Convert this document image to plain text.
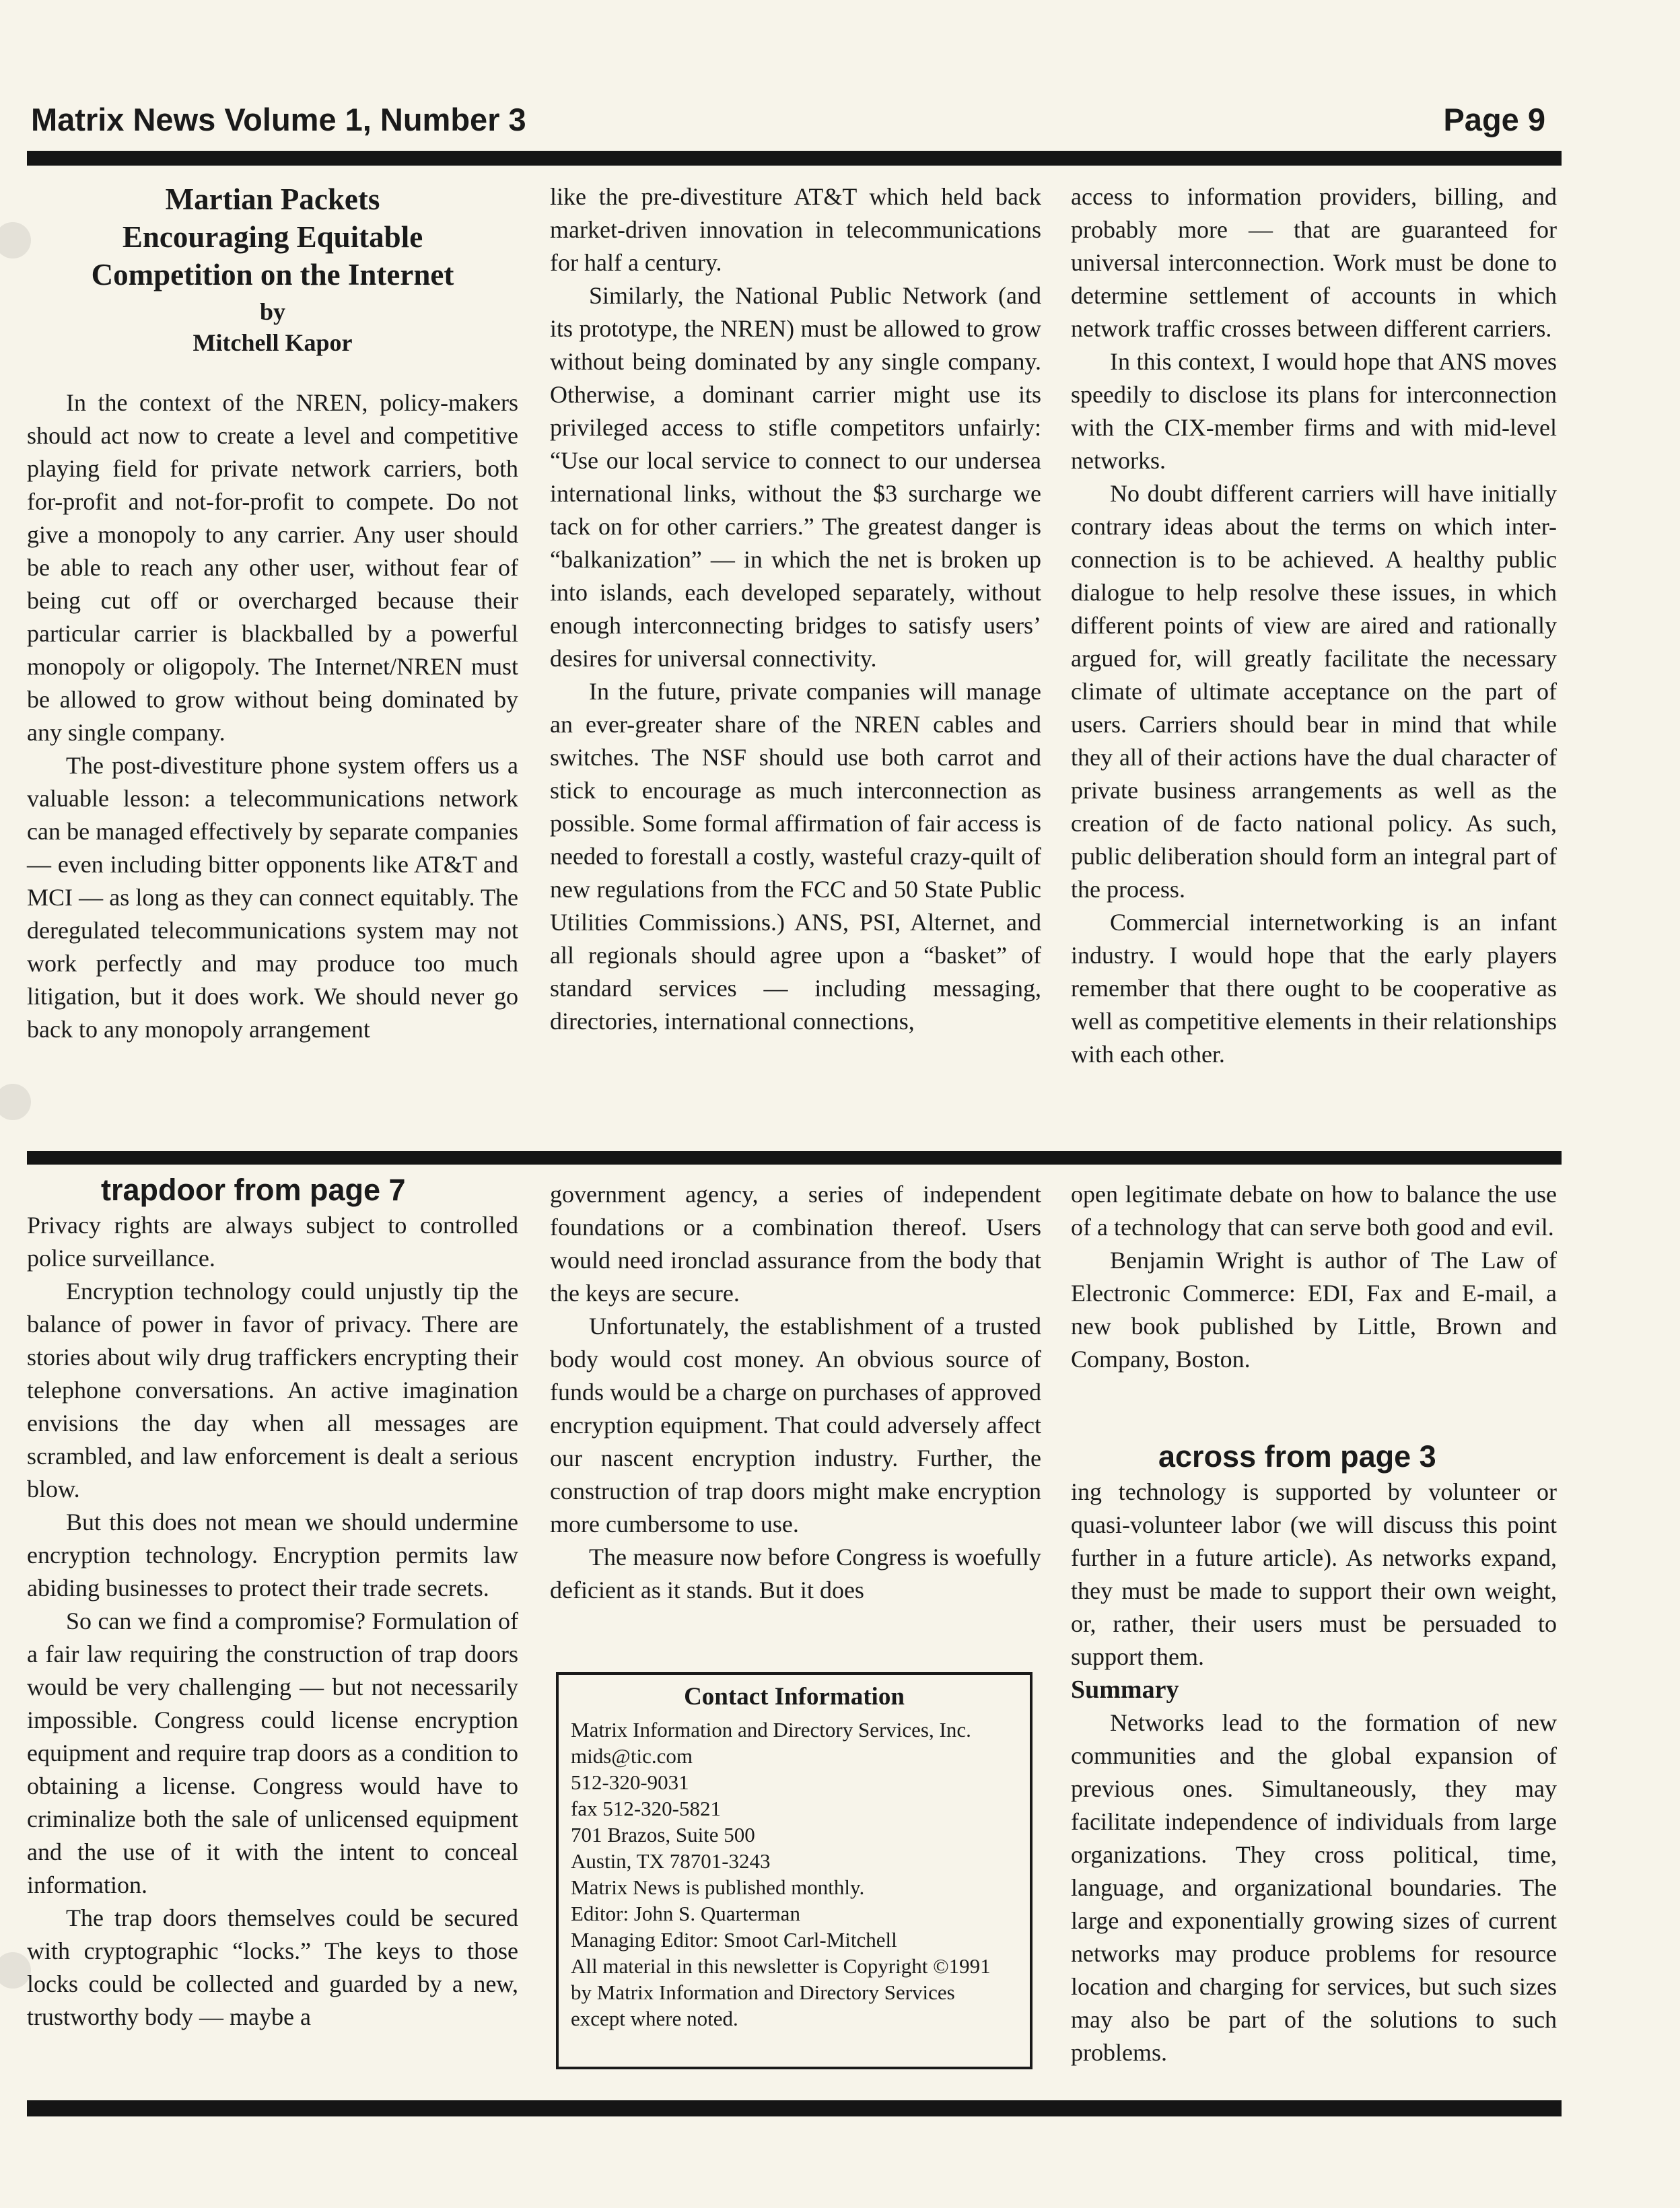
Matrix News Volume 1, Number 3	Page 9
Martian Packets
Encouraging Equitable
Competition on the Internet
by
Mitchell Kapor

In the context of the NREN, policy-makers should act now to create a level and competitive playing field for private network carriers, both for-profit and not-for-profit to compete. Do not give a monopoly to any carrier. Any user should be able to reach any other user, without fear of being cut off or overcharged because their particular carrier is blackballed by a powerful monopoly or oligopoly. The Internet/NREN must be allowed to grow without being dominated by any single company.

The post-divestiture phone system offers us a valuable lesson: a telecommunications network can be managed effectively by separate companies — even including bitter opponents like AT&T and MCI — as long as they can connect equitably. The deregulated telecommunications system may not work perfectly and may produce too much litigation, but it does work. We should never go back to any monopoly arrangement

like the pre-divestiture AT&T which held back market-driven innovation in telecommunications for half a century.

Similarly, the National Public Network (and its prototype, the NREN) must be allowed to grow without being dominated by any single company. Otherwise, a dominant carrier might use its privileged access to stifle competitors unfairly: “Use our local service to connect to our undersea international links, without the $3 surcharge we tack on for other carriers.” The greatest danger is “balkanization” — in which the net is broken up into islands, each developed separately, without enough interconnecting bridges to satisfy users’ desires for universal connectivity.

In the future, private companies will manage an ever-greater share of the NREN cables and switches. The NSF should use both carrot and stick to encourage as much interconnection as possible. Some formal affirmation of fair access is needed to forestall a costly, wasteful crazy-quilt of new regulations from the FCC and 50 State Public Utilities Commissions.) ANS, PSI, Alternet, and all regionals should agree upon a “basket” of standard services — including messaging, directories, international connections,

access to information providers, billing, and probably more — that are guaranteed for universal interconnection. Work must be done to determine settlement of accounts in which network traffic crosses between different carriers.

In this context, I would hope that ANS moves speedily to disclose its plans for interconnection with the CIX-member firms and with mid-level networks.

No doubt different carriers will have initially contrary ideas about the terms on which inter-connection is to be achieved. A healthy public dialogue to help resolve these issues, in which different points of view are aired and rationally argued for, will greatly facilitate the necessary climate of ultimate acceptance on the part of users. Carriers should bear in mind that while they all of their actions have the dual character of private business arrangements as well as the creation of de facto national policy. As such, public deliberation should form an integral part of the process.

Commercial internetworking is an infant industry. I would hope that the early players remember that there ought to be cooperative as well as competitive elements in their relationships with each other.

trapdoor from page 7

Privacy rights are always subject to controlled police surveillance.

Encryption technology could unjustly tip the balance of power in favor of privacy. There are stories about wily drug traffickers encrypting their telephone conversations. An active imagination envisions the day when all messages are scrambled, and law enforcement is dealt a serious blow.

But this does not mean we should undermine encryption technology. Encryption permits law abiding businesses to protect their trade secrets.

So can we find a compromise? Formulation of a fair law requiring the construction of trap doors would be very challenging — but not necessarily impossible. Congress could license encryption equipment and require trap doors as a condition to obtaining a license. Congress would have to criminalize both the sale of unlicensed equipment and the use of it with the intent to conceal information.

The trap doors themselves could be secured with cryptographic “locks.” The keys to those locks could be collected and guarded by a new, trustworthy body — maybe a

government agency, a series of independent foundations or a combination thereof. Users would need ironclad assurance from the body that the keys are secure.

Unfortunately, the establishment of a trusted body would cost money. An obvious source of funds would be a charge on purchases of approved encryption equipment. That could adversely affect our nascent encryption industry. Further, the construction of trap doors might make encryption more cumbersome to use.

The measure now before Congress is woefully deficient as it stands. But it does

open legitimate debate on how to balance the use of a technology that can serve both good and evil.

Benjamin Wright is author of The Law of Electronic Commerce: EDI, Fax and E-mail, a new book published by Little, Brown and Company, Boston.

across from page 3

ing technology is supported by volunteer or quasi-volunteer labor (we will discuss this point further in a future article). As networks expand, they must be made to support their own weight, or, rather, their users must be persuaded to support them.

Summary

Networks lead to the formation of new communities and the global expansion of previous ones. Simultaneously, they may facilitate independence of individuals from large organizations. They cross political, time, language, and organizational boundaries. The large and exponentially growing sizes of current networks may produce problems for resource location and charging for services, but such sizes may also be part of the solutions to such problems.

Contact Information
Matrix Information and Directory Services, Inc.
mids@tic.com
512-320-9031
fax 512-320-5821
701 Brazos, Suite 500
Austin, TX 78701-3243
Matrix News is published monthly.
Editor: John S. Quarterman
Managing Editor: Smoot Carl-Mitchell
All material in this newsletter is Copyright ©1991
by Matrix Information and Directory Services
except where noted.
